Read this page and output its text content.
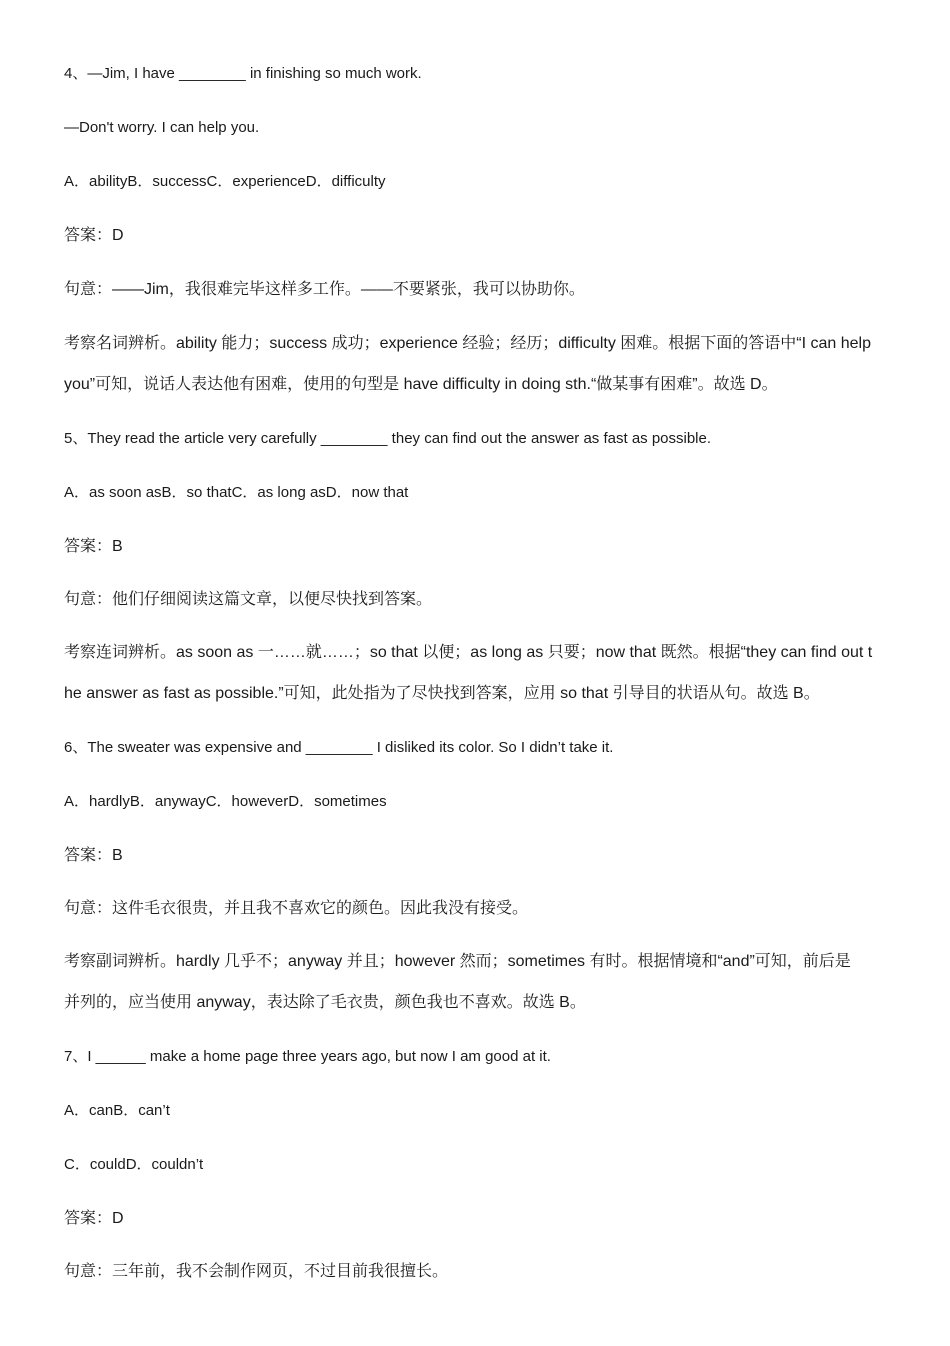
4、—Jim, I have ________ in finishing so much work.
—Don't worry. I can help you.
A．abilityB．successC．experienceD．difficulty
答案：D
句意：——Jim，我很难完毕这样多工作。——不要紧张，我可以协助你。
考察名词辨析。ability 能力；success 成功；experience 经验；经历；difficulty 困难。根据下面的答语中“I can help
you”可知，说话人表达他有困难，使用的句型是 have difficulty in doing sth.“做某事有困难”。故选 D。
5、They read the article very carefully ________ they can find out the answer as fast as possible.
A．as soon asB．so thatC．as long asD．now that
答案：B
句意：他们仔细阅读这篇文章，以便尽快找到答案。
考察连词辨析。as soon as 一……就……；so that 以便；as long as 只要；now that 既然。根据“they can find out t
he answer as fast as possible.”可知，此处指为了尽快找到答案，应用 so that 引导目的状语从句。故选 B。
6、The sweater was expensive and ________ I disliked its color. So I didn’t take it.
A．hardlyB．anywayC．howeverD．sometimes
答案：B
句意：这件毛衣很贵，并且我不喜欢它的颜色。因此我没有接受。
考察副词辨析。hardly 几乎不；anyway 并且；however 然而；sometimes 有时。根据情境和“and”可知，前后是
并列的，应当使用 anyway，表达除了毛衣贵，颜色我也不喜欢。故选 B。
7、I ______ make a home page three years ago, but now I am good at it.
A．canB．can’t
C．couldD．couldn’t
答案：D
句意：三年前，我不会制作网页，不过目前我很擅长。
